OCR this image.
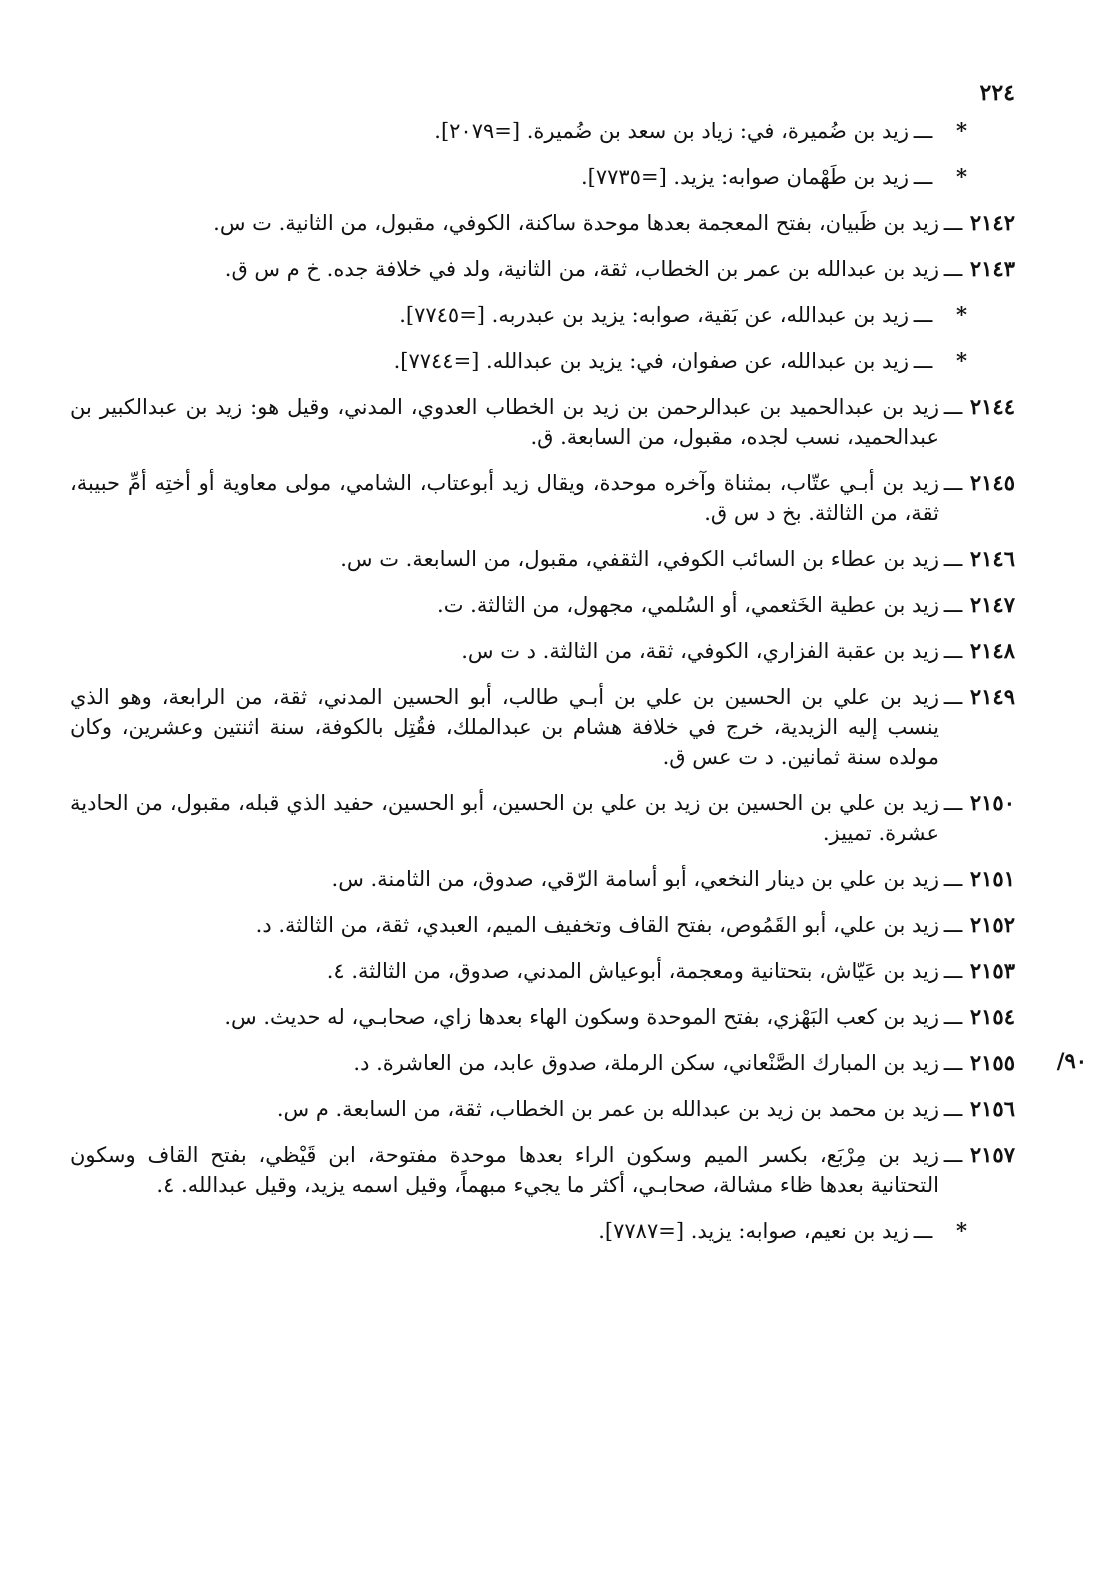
٢٢٤
*
ـــ
زيد بن ضُميرة، في: زياد بن سعد بن ضُميرة. [=٢٠٧٩].
*
ـــ
زيد بن طَهْمان صوابه: يزيد. [=٧٧٣٥].
٢١٤٢
ـــ
زيد بن ظَبيان، بفتح المعجمة بعدها موحدة ساكنة، الكوفي، مقبول، من الثانية. ت س.
٢١٤٣
ـــ
زيد بن عبدالله بن عمر بن الخطاب، ثقة، من الثانية، ولد في خلافة جده. خ م س ق.
*
ـــ
زيد بن عبدالله، عن بَقية، صوابه: يزيد بن عبدربه. [=٧٧٤٥].
*
ـــ
زيد بن عبدالله، عن صفوان، في: يزيد بن عبدالله. [=٧٧٤٤].
٢١٤٤
ـــ
زيد بن عبدالحميد بن عبدالرحمن بن زيد بن الخطاب العدوي، المدني، وقيل هو: زيد بن عبدالكبير بن عبدالحميد، نسب لجده، مقبول، من السابعة. ق.
٢١٤٥
ـــ
زيد بن أبـي عتّاب، بمثناة وآخره موحدة، ويقال زيد أبوعتاب، الشامي، مولى معاوية أو أختِه أمِّ حبيبة، ثقة، من الثالثة. بخ د س ق.
٢١٤٦
ـــ
زيد بن عطاء بن السائب الكوفي، الثقفي، مقبول، من السابعة. ت س.
٢١٤٧
ـــ
زيد بن عطية الخَثعمي، أو السُلمي، مجهول، من الثالثة. ت.
٢١٤٨
ـــ
زيد بن عقبة الفزاري، الكوفي، ثقة، من الثالثة. د ت س.
٢١٤٩
ـــ
زيد بن علي بن الحسين بن علي بن أبـي طالب، أبو الحسين المدني، ثقة، من الرابعة، وهو الذي ينسب إليه الزيدية، خرج في خلافة هشام بن عبدالملك، فقُتِل بالكوفة، سنة اثنتين وعشرين، وكان مولده سنة ثمانين. د ت عس ق.
٢١٥٠
ـــ
زيد بن علي بن الحسين بن زيد بن علي بن الحسين، أبو الحسين، حفيد الذي قبله، مقبول، من الحادية عشرة. تمييز.
٢١٥١
ـــ
زيد بن علي بن دينار النخعي، أبو أسامة الرّقي، صدوق، من الثامنة. س.
٢١٥٢
ـــ
زيد بن علي، أبو القَمُوص، بفتح القاف وتخفيف الميم، العبدي، ثقة، من الثالثة. د.
٢١٥٣
ـــ
زيد بن عَيّاش، بتحتانية ومعجمة، أبوعياش المدني، صدوق، من الثالثة. ٤.
٢١٥٤
ـــ
زيد بن كعب البَهْزي، بفتح الموحدة وسكون الهاء بعدها زاي، صحابـي، له حديث. س.
٢١٥٥
ـــ
زيد بن المبارك الصَّنْعاني، سكن الرملة، صدوق عابد، من العاشرة. د.
٢١٥٦
ـــ
زيد بن محمد بن زيد بن عبدالله بن عمر بن الخطاب، ثقة، من السابعة. م س.
٢١٥٧
ـــ
زيد بن مِرْبَع، بكسر الميم وسكون الراء بعدها موحدة مفتوحة، ابن قَيْظي، بفتح القاف وسكون التحتانية بعدها ظاء مشالة، صحابـي، أكثر ما يجيء مبهماً، وقيل اسمه يزيد، وقيل عبدالله. ٤.
*
ـــ
زيد بن نعيم، صوابه: يزيد. [=٧٧٨٧].
٩٠/
